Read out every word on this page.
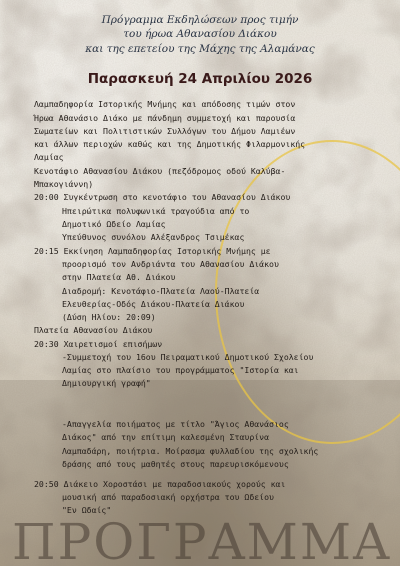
Πρόγραμμα Εκδηλώσεων προς τιμήν
του ήρωα Αθανασίου Διάκου
και της επετείου της Μάχης της Αλαμάνας
Παρασκευή 24 Απριλίου 2026
Λαμπαδηφορία Ιστορικής Μνήμης και απόδοσης τιμών στον
Ήρωα Αθανάσιο Διάκο με πάνδημη συμμετοχή και παρουσία
Σωματείων και Πολιτιστικών Συλλόγων του Δήμου Λαμιέων
και άλλων περιοχών καθώς και της Δημοτικής Φιλαρμονικής
Λαμίας
Κενοτάφιο Αθανασίου Διάκου (πεζόδρομος οδού Καλύβα-
Μπακογιάννη)
20:00 Συγκέντρωση στο κενοτάφιο του Αθανασίου Διάκου
Ηπειρώτικα πολυφωνικά τραγούδια από το
Δημοτικό Ωδείο Λαμίας
Υπεύθυνος συνόλου Αλέξανδρος Τσιμέκας
20:15 Εκκίνηση Λαμπαδηφορίας Ιστορικής Μνήμης με
προορισμό τον Ανδριάντα του Αθανασίου Διάκου
στην Πλατεία Αθ. Διάκου
Διαδρομή: Κενοτάφιο-Πλατεία Λαού-Πλατεία
Ελευθερίας-Οδός Διάκου-Πλατεία Διάκου
(Δύση Ηλίου: 20:09)
Πλατεία Αθανασίου Διάκου
20:30 Χαιρετισμοί επισήμων
-Συμμετοχή του 16ου Πειραματικού Δημοτικού Σχολείου
Λαμίας στο πλαίσιο του προγράμματος "Ιστορία και
Δημιουργική γραφή"
-Απαγγελία ποιήματος με τίτλο "Άγιος Αθανάσιος
Διάκος" από την επίτιμη καλεσμένη Σταυρίνα
Λαμπαδάρη, ποιήτρια. Μοίρασμα φυλλαδίου της σχολικής
δράσης από τους μαθητές στους παρευρισκόμενους
20:50 Διάκειο Χοροστάσι με παραδοσιακούς χορούς και
μουσική από παραδοσιακή ορχήστρα του Ωδείου
"Εν Ωδαίς"
ΠΡΟΓΡΑΜΜΑ
